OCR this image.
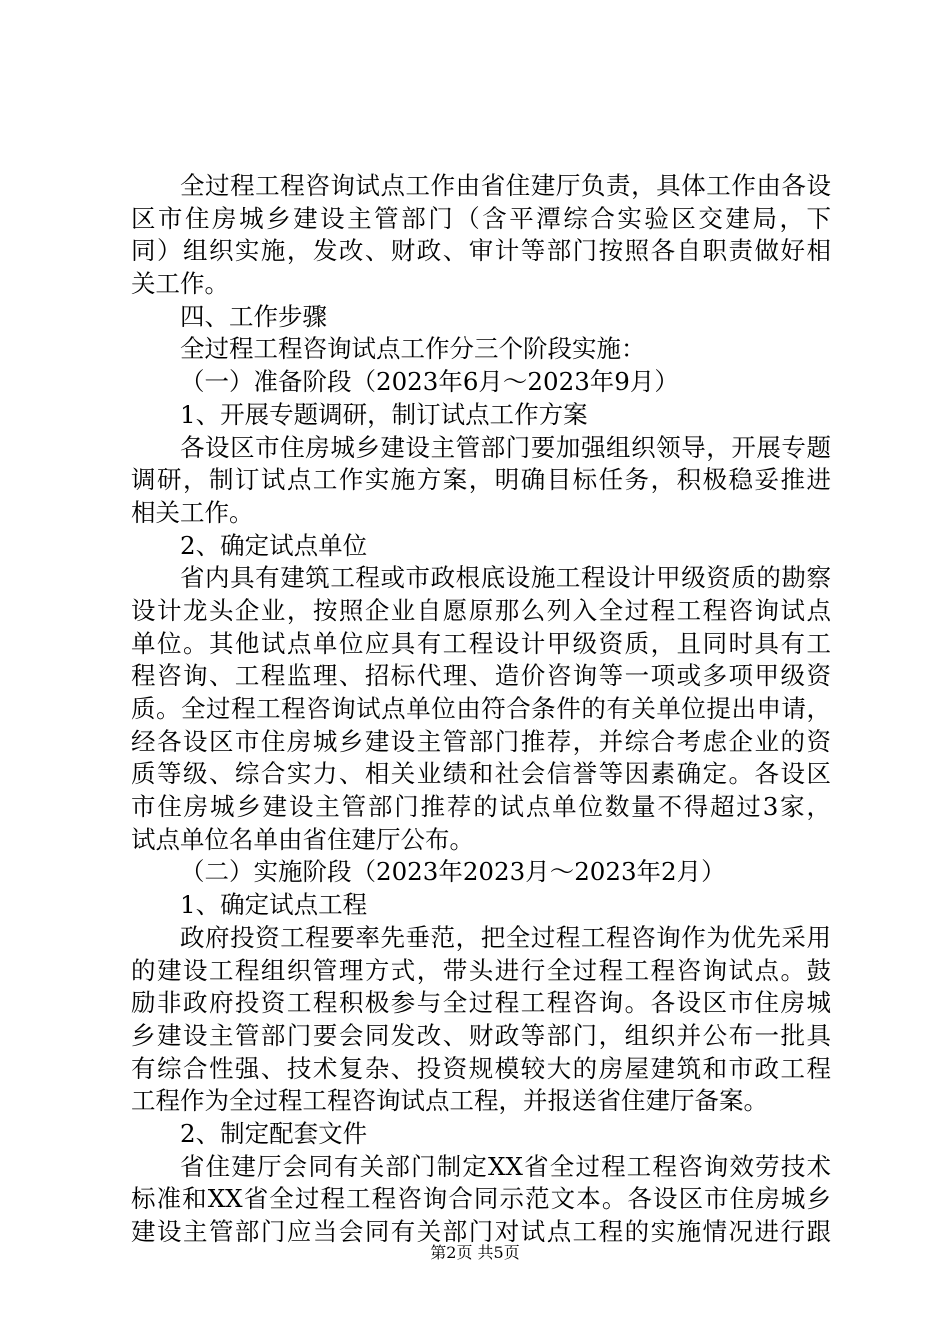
全过程工程咨询试点工作由省住建厅负责，具体工作由各设
区市住房城乡建设主管部门（含平潭综合实验区交建局，下
同）组织实施，发改、财政、审计等部门按照各自职责做好相
关工作。
四、工作步骤
全过程工程咨询试点工作分三个阶段实施：
（一）准备阶段（2023年6月～2023年9月）
1、开展专题调研，制订试点工作方案
各设区市住房城乡建设主管部门要加强组织领导，开展专题
调研，制订试点工作实施方案，明确目标任务，积极稳妥推进
相关工作。
2、确定试点单位
省内具有建筑工程或市政根底设施工程设计甲级资质的勘察
设计龙头企业，按照企业自愿原那么列入全过程工程咨询试点
单位。其他试点单位应具有工程设计甲级资质，且同时具有工
程咨询、工程监理、招标代理、造价咨询等一项或多项甲级资
质。全过程工程咨询试点单位由符合条件的有关单位提出申请，
经各设区市住房城乡建设主管部门推荐，并综合考虑企业的资
质等级、综合实力、相关业绩和社会信誉等因素确定。各设区
市住房城乡建设主管部门推荐的试点单位数量不得超过3家，
试点单位名单由省住建厅公布。
（二）实施阶段（2023年2023月～2023年2月）
1、确定试点工程
政府投资工程要率先垂范，把全过程工程咨询作为优先采用
的建设工程组织管理方式，带头进行全过程工程咨询试点。鼓
励非政府投资工程积极参与全过程工程咨询。各设区市住房城
乡建设主管部门要会同发改、财政等部门，组织并公布一批具
有综合性强、技术复杂、投资规模较大的房屋建筑和市政工程
工程作为全过程工程咨询试点工程，并报送省住建厅备案。
2、制定配套文件
省住建厅会同有关部门制定XX省全过程工程咨询效劳技术
标准和XX省全过程工程咨询合同示范文本。各设区市住房城乡
建设主管部门应当会同有关部门对试点工程的实施情况进行跟
第2页 共5页
